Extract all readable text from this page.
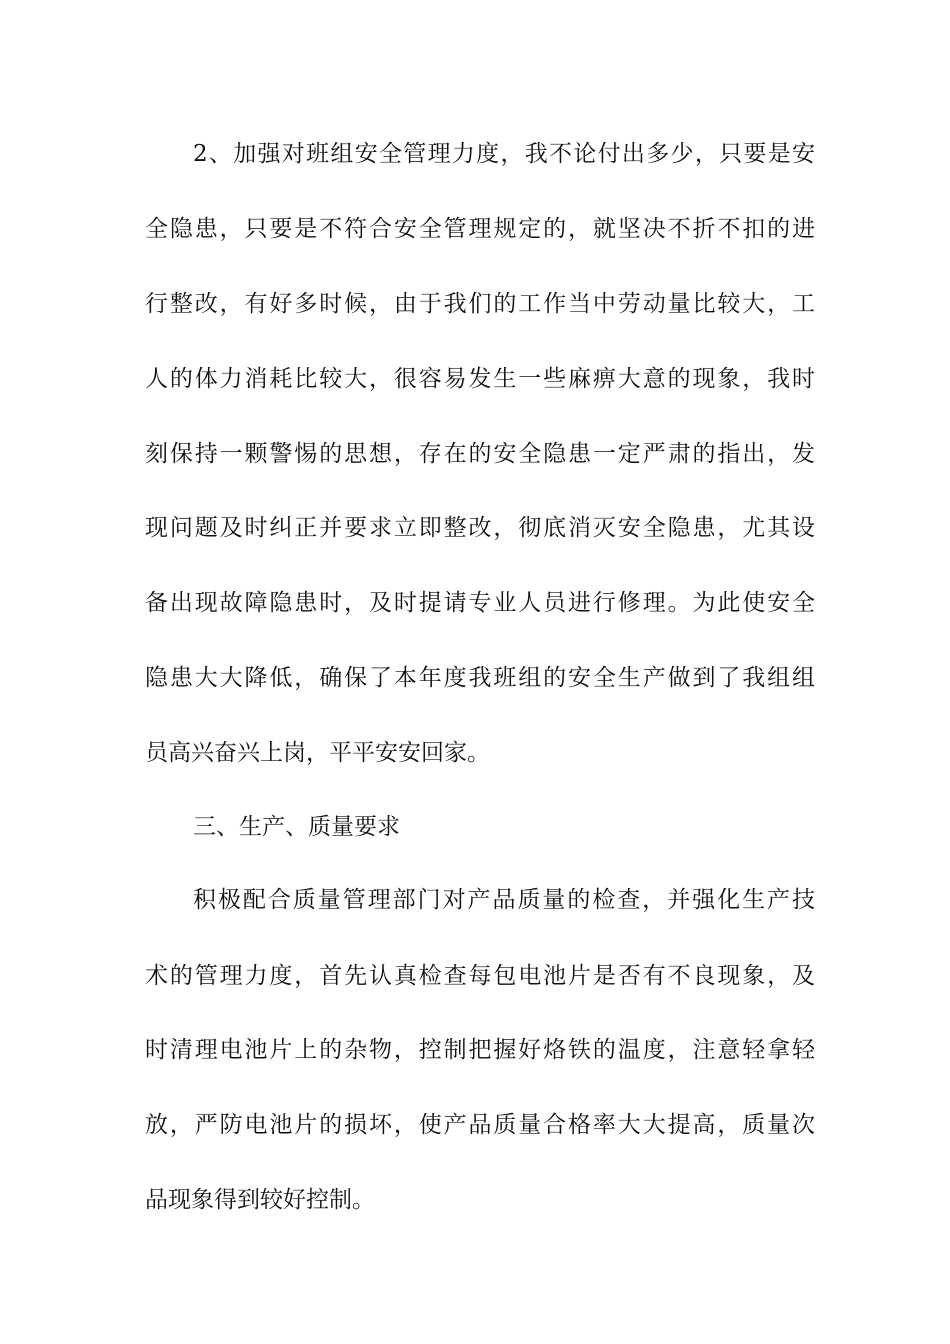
2、加强对班组安全管理力度，我不论付出多少，只要是安
全隐患，只要是不符合安全管理规定的，就坚决不折不扣的进
行整改，有好多时候，由于我们的工作当中劳动量比较大，工
人的体力消耗比较大，很容易发生一些麻痹大意的现象，我时
刻保持一颗警惕的思想，存在的安全隐患一定严肃的指出，发
现问题及时纠正并要求立即整改，彻底消灭安全隐患，尤其设
备出现故障隐患时，及时提请专业人员进行修理。为此使安全
隐患大大降低，确保了本年度我班组的安全生产做到了我组组
员高兴奋兴上岗，平平安安回家。
三、生产、质量要求
积极配合质量管理部门对产品质量的检查，并强化生产技
术的管理力度，首先认真检查每包电池片是否有不良现象，及
时清理电池片上的杂物，控制把握好烙铁的温度，注意轻拿轻
放，严防电池片的损坏，使产品质量合格率大大提高，质量次
品现象得到较好控制。
